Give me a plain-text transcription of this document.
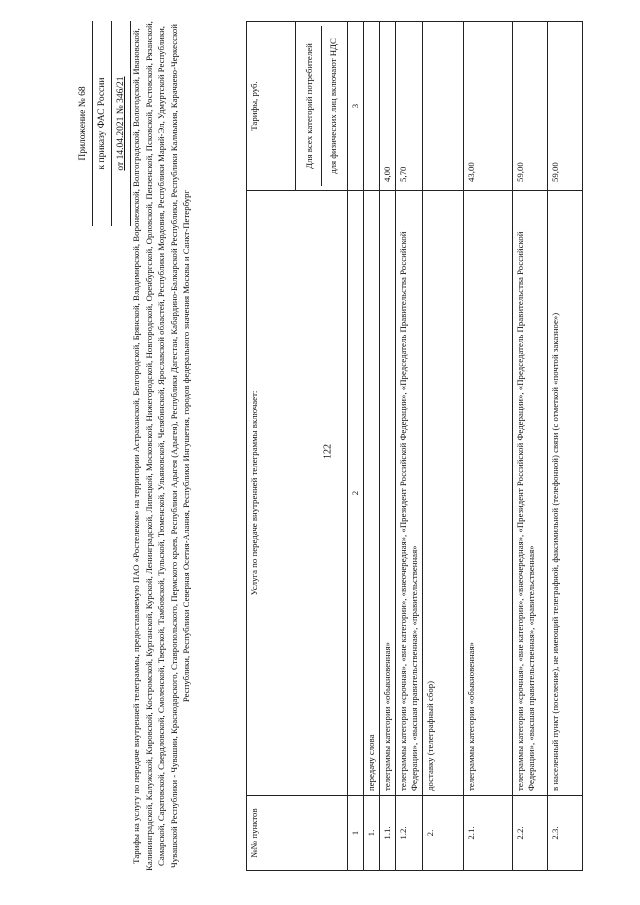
122
Приложение № 68 к приказу ФАС России от 14.04.2021 № 346/21 Тарифы на услугу по передаче внутренней телеграммы, предоставляемую ПАО «Ростелеком» на территории Астраханской, Белгородской, Брянской, Владимирской, Воронежской, Волгоградской, Вологодской, Ивановской, Калининградской, Калужской, Кировской, Костромской, Курганской, Курской, Ленинградской, Липецкой, Московской, Нижегородской, Новгородской, Оренбургской, Орловской, Пензенской, Псковской, Ростовской, Рязанской, Самарской, Саратовской, Свердловской, Смоленской, Тверской, Тамбовской, Тульской, Тюменской, Ульяновской, Челябинской, Ярославской областей, Республики Мордовия, Республики Марий-Эл, Удмуртской Республики, Чувашской Республики - Чувашии, Краснодарского, Ставропольского, Пермского краев, Республики Адыгея (Адыгея), Республики Дагестан, Кабардино-Балкарской Республики, Республики Калмыкия, Карачаево-Черкесской Республики, Республики Северная Осетия-Алания, Республики Ингушетия, городов федерального значения Москвы и Санкт-Петербург
№№ пунктов	Услуга по передаче внутренней телеграммы включает:	Тарифы, руб.

		Для всех категорий потребителей для физических лиц включают НДС

1	2	3
1.	передачу слова	
1.1.	телеграммы категории «обыкновенная»	4,00
1.2.	телеграммы категории «срочная», «вне категории», «внеочередная», «Президент Российской Федерации», «Председатель Правительства Российской Федерации», «высшая правительственная», «правительственная»	5,70
2.	доставку (телеграфный сбор)	
2.1.	телеграммы категории «обыкновенная»	43,00
2.2.	телеграммы категории «срочная», «вне категории», «внеочередная», «Президент Российской Федерации», «Председатель Правительства Российской Федерации», «высшая правительственная», «правительственная»	59,00
2.3.	в населенный пункт (поселение), не имеющий телеграфной, факсимильной (телефонной) связи (с отметкой «почтой заказное»)	59,00
